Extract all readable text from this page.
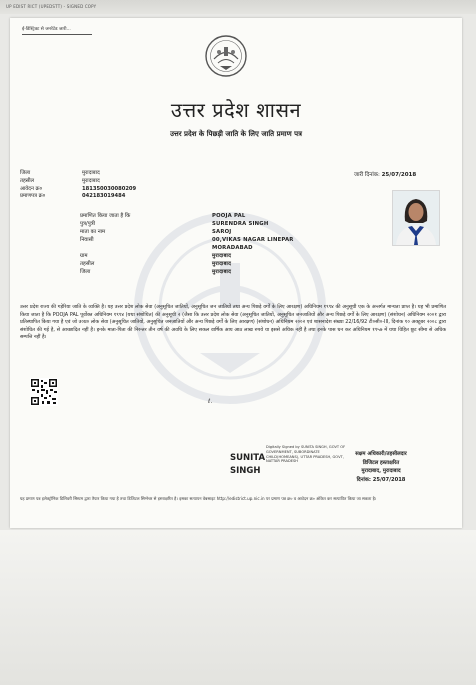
UP EDIST RICT (UPEDSTT) - SIGNED COPY
ई-डिस्ट्रिक्ट से जनरेटेड जारी...
उत्तर प्रदेश शासन
उत्तर प्रदेश के पिछड़ी जाति के लिए जाति प्रमाण पत्र
जिला	मुरादाबाद
तहसील	मुरादाबाद
आवेदन क्र०	181350030080209
प्रमाणपत्र क्र०	042183019484
जारी दिनांक: 25/07/2018
प्रमाणित किया जाता है कि	POOJA PAL
पुत्र/पुत्री	SURENDRA SINGH
माता का नाम	SAROJ
निवासी	00,VIKAS NAGAR LINEPAR
MORADABAD
ग्राम	मुरादाबाद
तहसील	मुरादाबाद
जिला	मुरादाबाद
उत्तर प्रदेश राज्य की गड़ेरिया जाति के व्यक्ति है। यह उत्तर प्रदेश लोक सेवा (अनुसूचित जातियों, अनुसूचित जन जातियों तथा अन्य पिछड़े वर्गों के लिए आरक्षण) अधिनियम १९९४ की अनुसूची एक के अन्तर्गत मान्यता प्राप्त है। यह भी प्रमाणित किया जाता है कि POOJA PAL पूर्वोक्त अधिनियम १९९४ (यथा संशोधित) की अनुसूची २ (जैसा कि उत्तर प्रदेश लोक सेवा (अनुसूचित जातियों, अनुसूचित जनजातियों और अन्य पिछड़े वर्गों के लिए आरक्षण) (संशोधन) अधिनियम २००१ द्वारा प्रतिस्थापित किया गया है एवं जो उ०प्र० लोक सेवा (अनुसूचित जातियों, अनुसूचित जनजातियों और अन्य पिछड़े वर्गों के लिए आरक्षण) (संशोधन) अधिनियम २००२ एवं शासनादेश संख्या 22/16/92 टी०सी०-III, दिनांक १० अक्टूबर २००८ द्वारा संशोधित की गई है, से आच्छादित नहीं है। इनके माता-पिता की निरन्तर तीन वर्ष की अवधि के लिए सकल वार्षिक आय आठ लाख रुपये या इससे अधिक नहीं है तथा इनके पास धन कर अधिनियम १९५७ में यथा विहित छूट सीमा से अधिक सम्पत्ति नहीं है।
ℓ.
SUNITA
SINGH
Digitally Signed by SUNITA SINGH, GOVT OF GOVERNMENT, SUBORDINATE CHILD(HOMEANS), UTTAR PRADESH, GOVT, NATTAR PRADESH
सक्षम अधिकारी/तहसीलदार
डिजिटल हस्ताक्षरित
मुरादाबाद, मुरादाबाद
दिनांक: 25/07/2018
यह प्रमाण पत्र इलेक्ट्रॉनिक डिलिवरी सिस्टम द्वारा तैयार किया गया है तथा डिजिटल सिग्नेचर से हस्ताक्षरित है। इसका सत्यापन वेबसाइट http://edistrict.up.nic.in पर प्रमाण पत्र क्र० व आवेदन क्र० अंकित कर सत्यापित किया जा सकता है।
